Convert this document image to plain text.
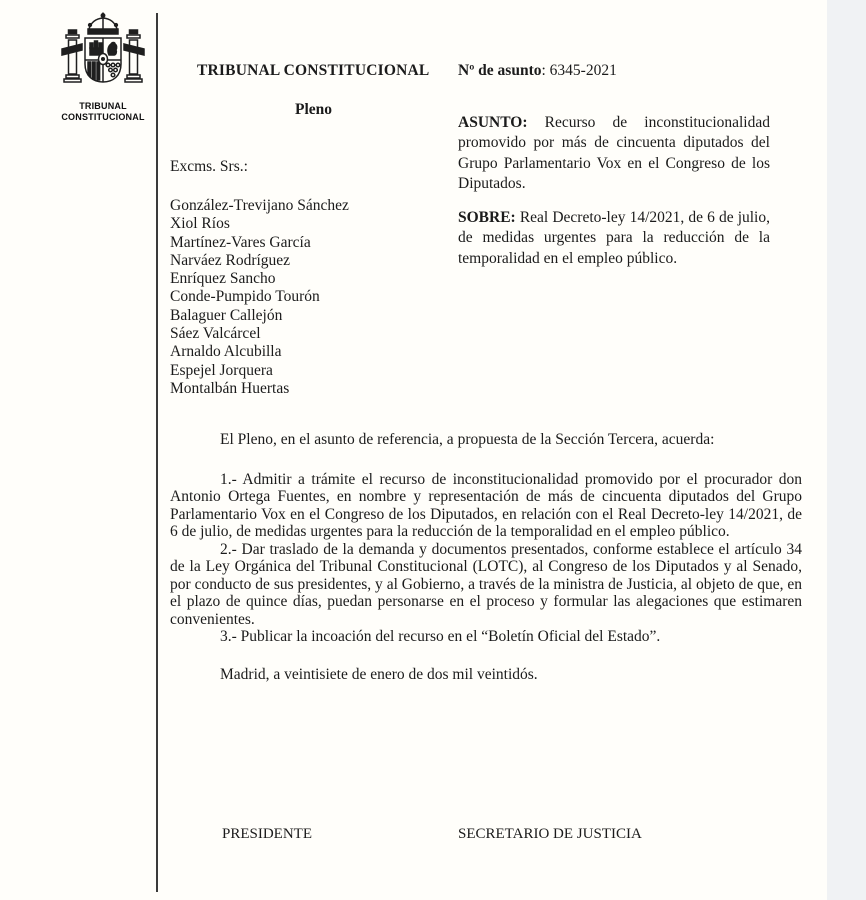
TRIBUNAL
CONSTITUCIONAL
TRIBUNAL CONSTITUCIONAL
Pleno
Nº de asunto: 6345-2021

ASUNTO: Recurso de inconstitucionalidad promovido por más de cincuenta diputados del Grupo Parlamentario Vox en el Congreso de los Diputados.

SOBRE: Real Decreto-ley 14/2021, de 6 de julio, de medidas urgentes para la reducción de la temporalidad en el empleo público.

Excms. Srs.:
González-Trevijano Sánchez
Xiol Ríos
Martínez-Vares García
Narváez Rodríguez
Enríquez Sancho
Conde-Pumpido Tourón
Balaguer Callejón
Sáez Valcárcel
Arnaldo Alcubilla
Espejel Jorquera
Montalbán Huertas

El Pleno, en el asunto de referencia, a propuesta de la Sección Tercera, acuerda:

1.- Admitir a trámite el recurso de inconstitucionalidad promovido por el procurador don Antonio Ortega Fuentes, en nombre y representación de más de cincuenta diputados del Grupo Parlamentario Vox en el Congreso de los Diputados, en relación con el Real Decreto-ley 14/2021, de 6 de julio, de medidas urgentes para la reducción de la temporalidad en el empleo público.

2.- Dar traslado de la demanda y documentos presentados, conforme establece el artículo 34 de la Ley Orgánica del Tribunal Constitucional (LOTC), al Congreso de los Diputados y al Senado, por conducto de sus presidentes, y al Gobierno, a través de la ministra de Justicia, al objeto de que, en el plazo de quince días, puedan personarse en el proceso y formular las alegaciones que estimaren convenientes.

3.- Publicar la incoación del recurso en el “Boletín Oficial del Estado”.

Madrid, a veintisiete de enero de dos mil veintidós.

PRESIDENTE	SECRETARIO DE JUSTICIA
